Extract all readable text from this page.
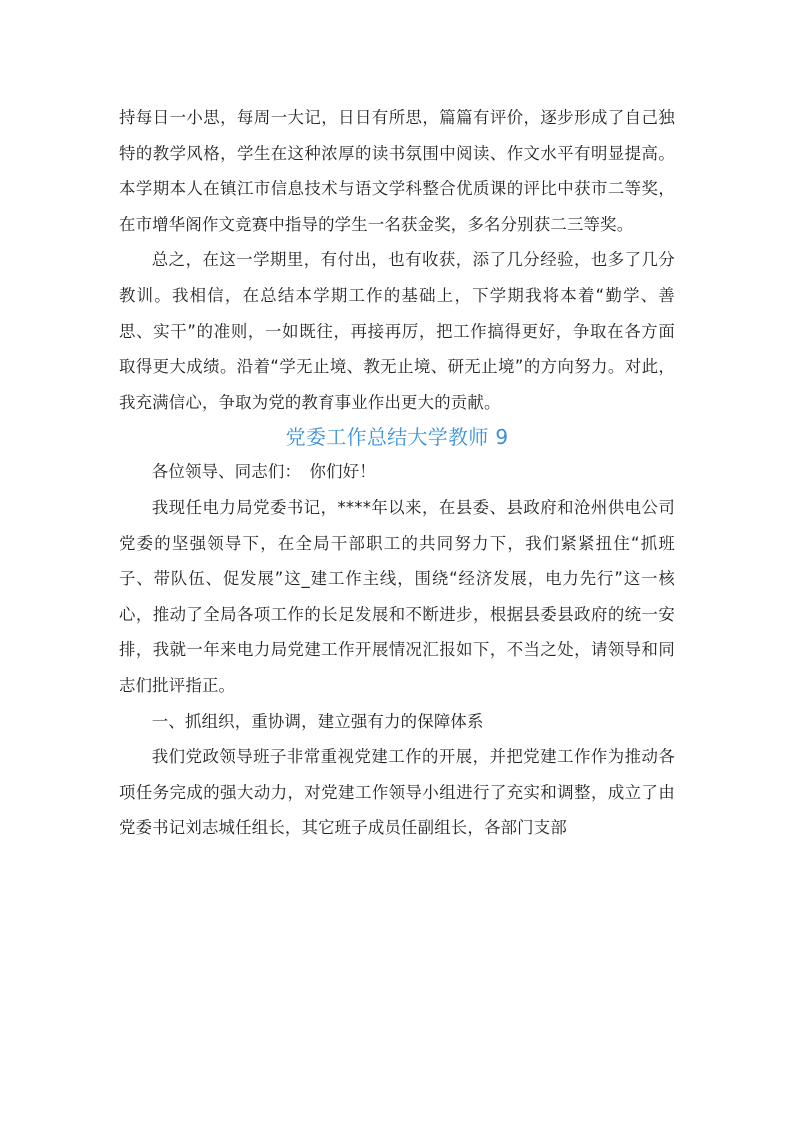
持每日一小思，每周一大记，日日有所思，篇篇有评价，逐步形成了自己独特的教学风格，学生在这种浓厚的读书氛围中阅读、作文水平有明显提高。本学期本人在镇江市信息技术与语文学科整合优质课的评比中获市二等奖，在市增华阁作文竞赛中指导的学生一名获金奖，多名分别获二三等奖。

总之，在这一学期里，有付出，也有收获，添了几分经验，也多了几分教训。我相信，在总结本学期工作的基础上，下学期我将本着“勤学、善思、实干”的准则，一如既往，再接再厉，把工作搞得更好，争取在各方面取得更大成绩。沿着“学无止境、教无止境、研无止境”的方向努力。对此，我充满信心，争取为党的教育事业作出更大的贡献。

党委工作总结大学教师 9

各位领导、同志们：　你们好！

我现任电力局党委书记，****年以来，在县委、县政府和沧州供电公司党委的坚强领导下，在全局干部职工的共同努力下，我们紧紧扭住“抓班子、带队伍、促发展”这_建工作主线，围绕“经济发展，电力先行”这一核心，推动了全局各项工作的长足发展和不断进步，根据县委县政府的统一安排，我就一年来电力局党建工作开展情况汇报如下，不当之处，请领导和同志们批评指正。

一、抓组织，重协调，建立强有力的保障体系

我们党政领导班子非常重视党建工作的开展，并把党建工作作为推动各项任务完成的强大动力，对党建工作领导小组进行了充实和调整，成立了由党委书记刘志城任组长，其它班子成员任副组长，各部门支部
